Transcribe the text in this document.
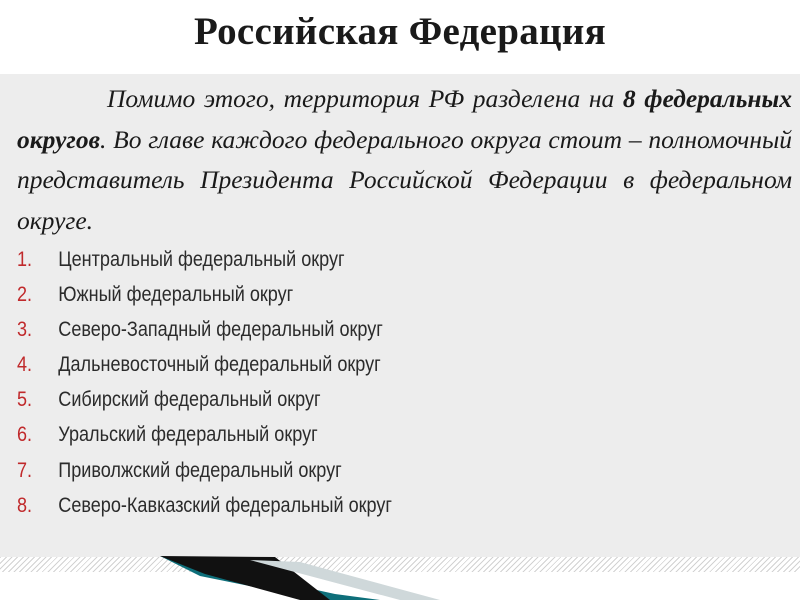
Российская Федерация

Помимо этого, территория РФ разделена на 8 федеральных округов. Во главе каждого федерального округа стоит – полномочный представитель Президента Российской Федерации в федеральном округе.

1. Центральный федеральный округ
2. Южный федеральный округ
3. Северо-Западный федеральный округ
4. Дальневосточный федеральный округ
5. Сибирский федеральный округ
6. Уральский федеральный округ
7. Приволжский федеральный округ
8. Северо-Кавказский федеральный округ
